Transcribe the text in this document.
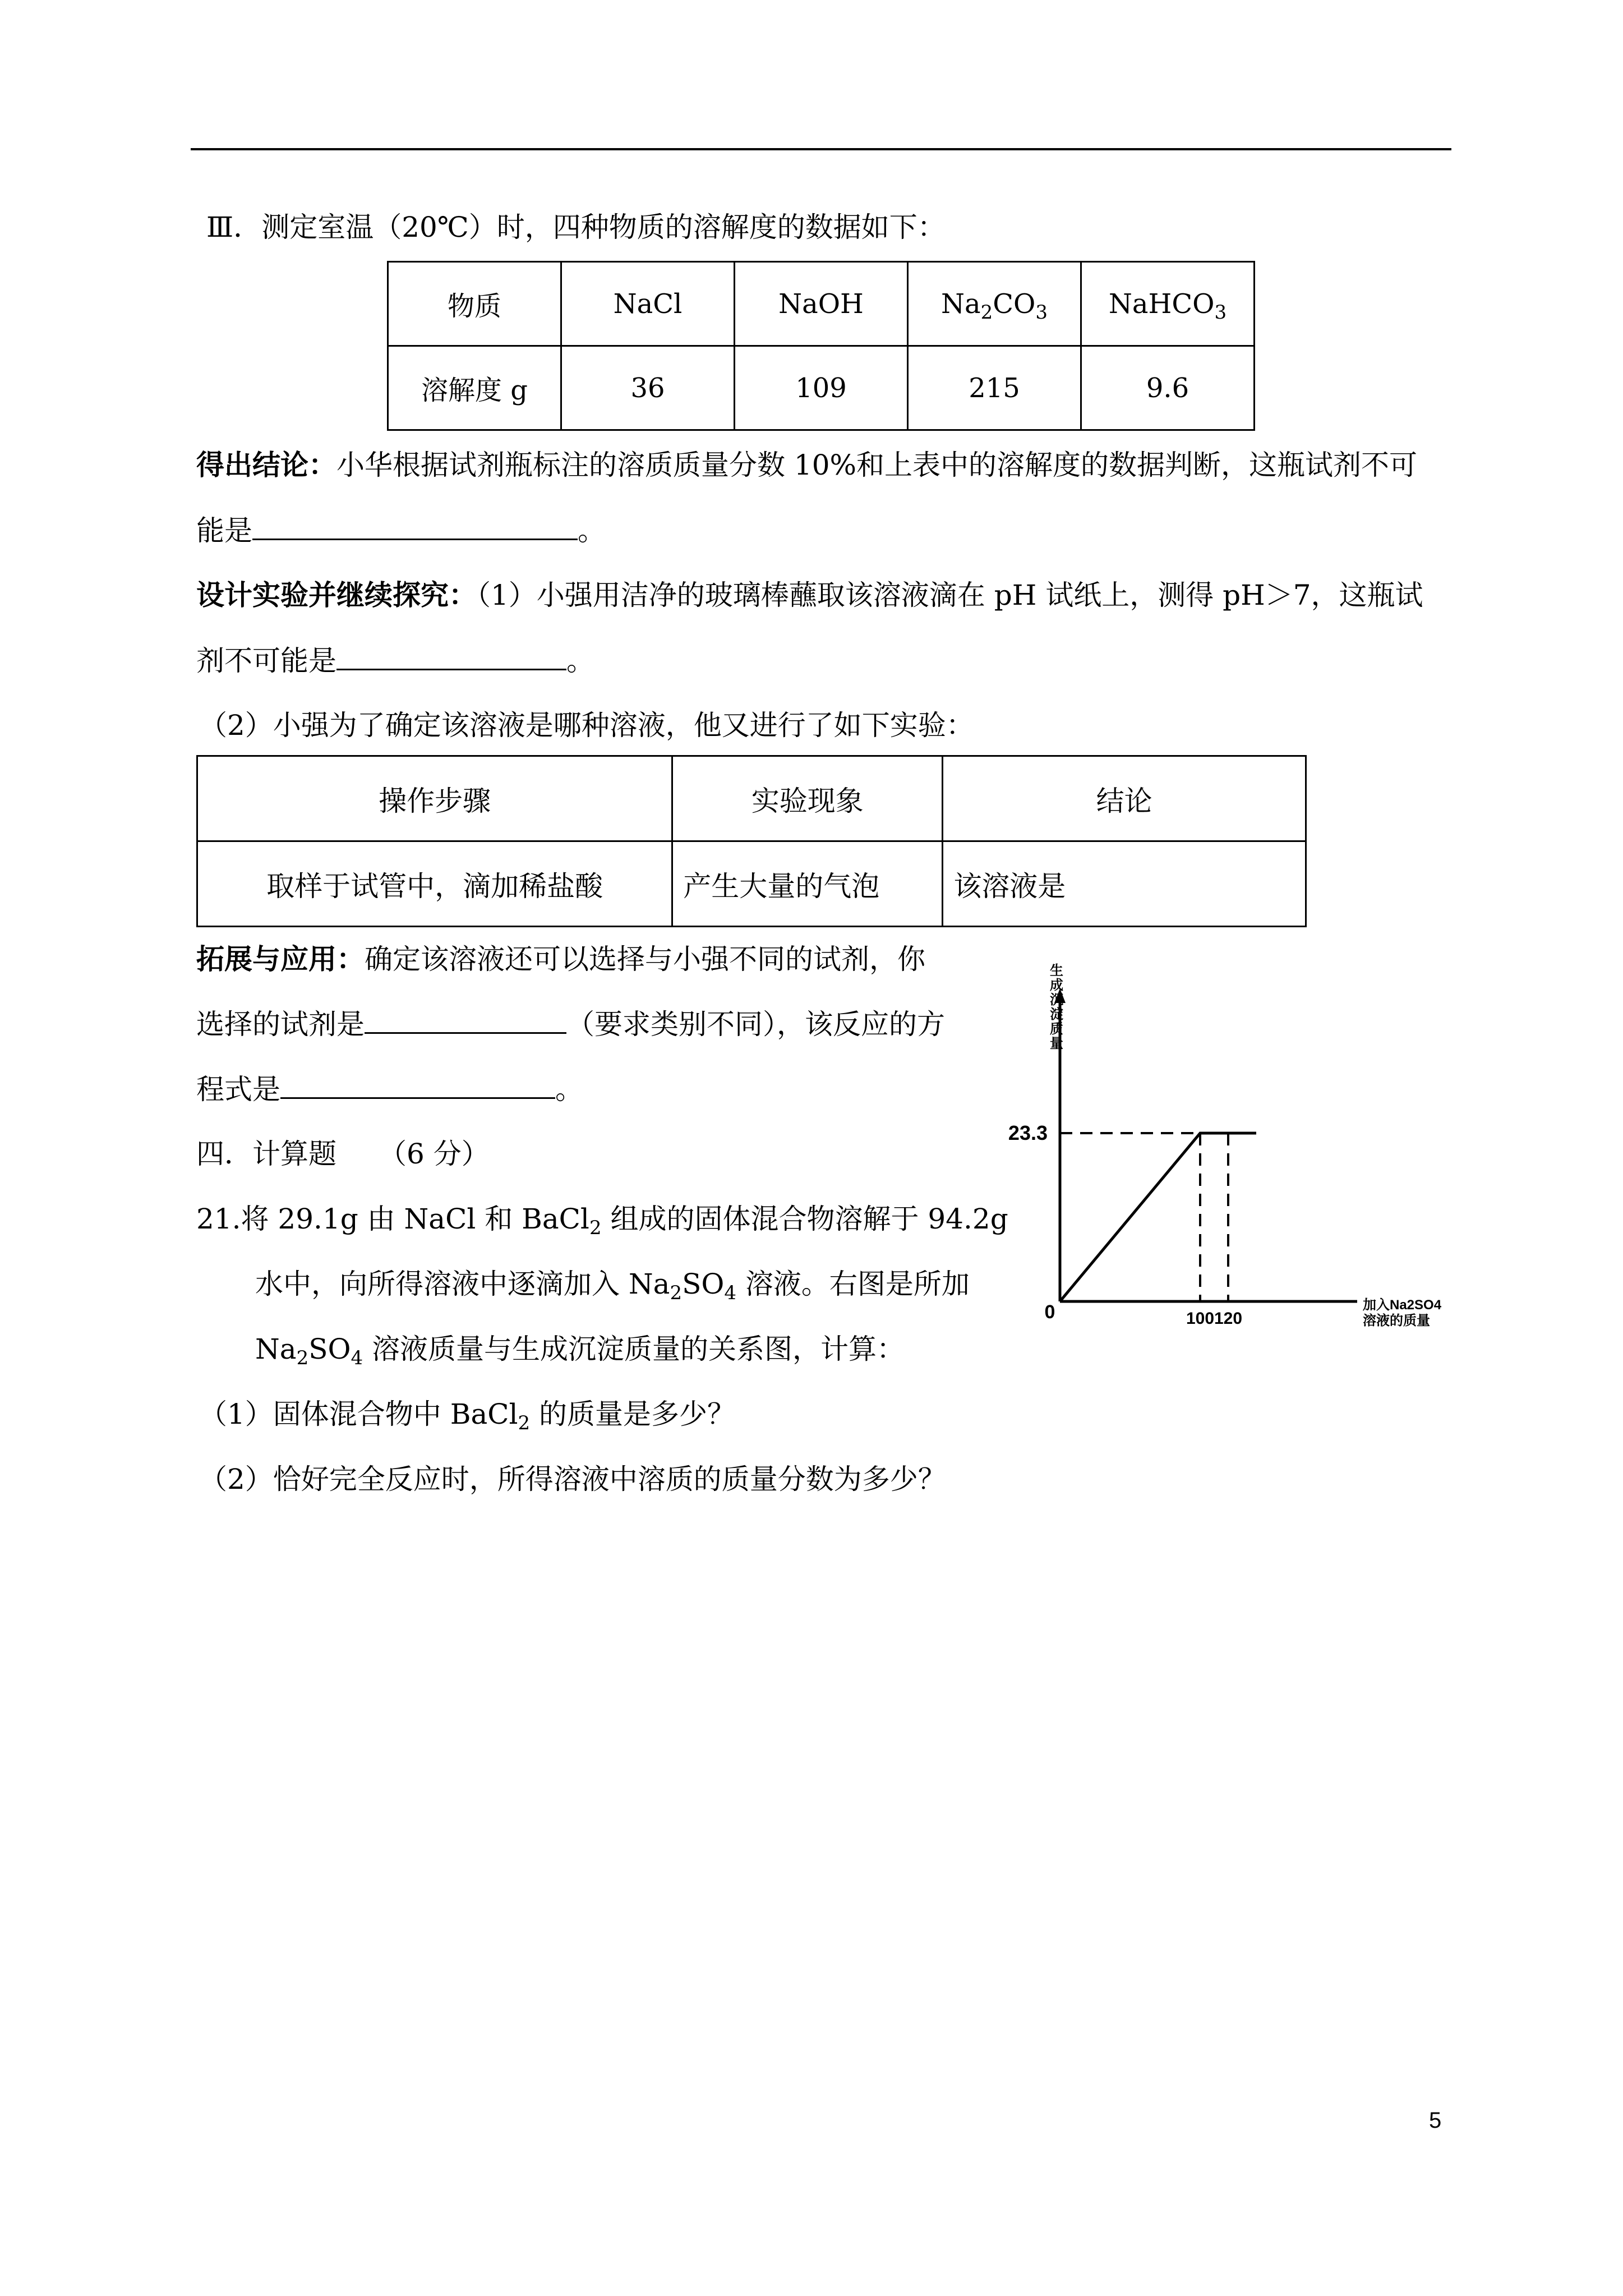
Ⅲ．测定室温（20℃）时，四种物质的溶解度的数据如下：
物质	NaCl	NaOH	$Na_2CO_3$	NaHCO$_3$
溶解度 g	36	109	215	9.6
得出结论：小华根据试剂瓶标注的溶质质量分数 10%和上表中的溶解度的数据判断，这瓶试剂不可
能是	。
设计实验并继续探究：（1）小强用洁净的玻璃棒蘸取该溶液滴在 pH 试纸上，测得 pH＞7，这瓶试
剂不可能是	。
（2）小强为了确定该溶液是哪种溶液，他又进行了如下实验：
操作步骤	实验现象	结论
取样于试管中，滴加稀盐酸	产生大量的气泡	该溶液是
拓展与应用：确定该溶液还可以选择与小强不同的试剂，你
选择的试剂是	（要求类别不同），该反应的方
程式是	。
四．计算题　　（6 分）
21.将 29.1g 由 NaCl 和 BaCl$_2$ 组成的固体混合物溶解于 94.2g
水中，向所得溶液中逐滴加入 $Na_2SO_4$ 溶液。右图是所加
$Na_2SO_4$ 溶液质量与生成沉淀质量的关系图，计算：
（1）固体混合物中 BaCl$_2$ 的质量是多少？
（2）恰好完全反应时，所得溶液中溶质的质量分数为多少？
23.3
0	100 120
生成沉淀质量
加入Na2SO4 溶液的质量
5
